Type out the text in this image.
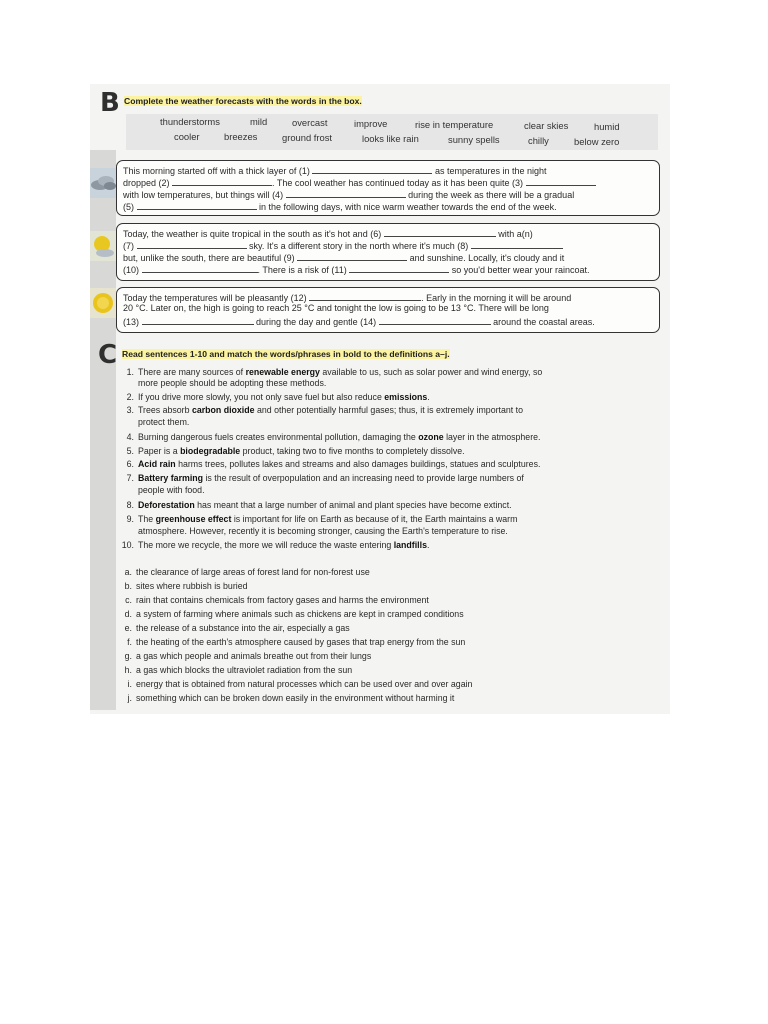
B Complete the weather forecasts with the words in the box.
thunderstorms	mild	overcast	improve	rise in temperature	clear skies	humid
cooler	breezes	ground frost	looks like rain	sunny spells	chilly	below zero
This morning started off with a thick layer of (1)	as temperatures in the night
dropped (2)	. The cool weather has continued today as it has been quite (3)
with low temperatures, but things will (4)	during the week as there will be a gradual
(5)	in the following days, with nice warm weather towards the end of the week.
Today, the weather is quite tropical in the south as it's hot and (6)	with a(n)
(7)	sky. It's a different story in the north where it's much (8)
but, unlike the south, there are beautiful (9)	and sunshine. Locally, it's cloudy and it
(10)	. There is a risk of (11)	so you'd better wear your raincoat.
Today the temperatures will be pleasantly (12)	. Early in the morning it will be around
20 °C. Later on, the high is going to reach 25 °C and tonight the low is going to be 13 °C. There will be long
(13)	during the day and gentle (14)	around the coastal areas.
C Read sentences 1-10 and match the words/phrases in bold to the definitions a–j.
1. There are many sources of renewable energy available to us, such as solar power and wind energy, so
more people should be adopting these methods.
2. If you drive more slowly, you not only save fuel but also reduce emissions.
3. Trees absorb carbon dioxide and other potentially harmful gases; thus, it is extremely important to
protect them.
4. Burning dangerous fuels creates environmental pollution, damaging the ozone layer in the atmosphere.
5. Paper is a biodegradable product, taking two to five months to completely dissolve.
6. Acid rain harms trees, pollutes lakes and streams and also damages buildings, statues and sculptures.
7. Battery farming is the result of overpopulation and an increasing need to provide large numbers of
people with food.
8. Deforestation has meant that a large number of animal and plant species have become extinct.
9. The greenhouse effect is important for life on Earth as because of it, the Earth maintains a warm
atmosphere. However, recently it is becoming stronger, causing the Earth's temperature to rise.
10. The more we recycle, the more we will reduce the waste entering landfills.
a. the clearance of large areas of forest land for non-forest use
b. sites where rubbish is buried
c. rain that contains chemicals from factory gases and harms the environment
d. a system of farming where animals such as chickens are kept in cramped conditions
e. the release of a substance into the air, especially a gas
f. the heating of the earth's atmosphere caused by gases that trap energy from the sun
g. a gas which people and animals breathe out from their lungs
h. a gas which blocks the ultraviolet radiation from the sun
i. energy that is obtained from natural processes which can be used over and over again
j. something which can be broken down easily in the environment without harming it
